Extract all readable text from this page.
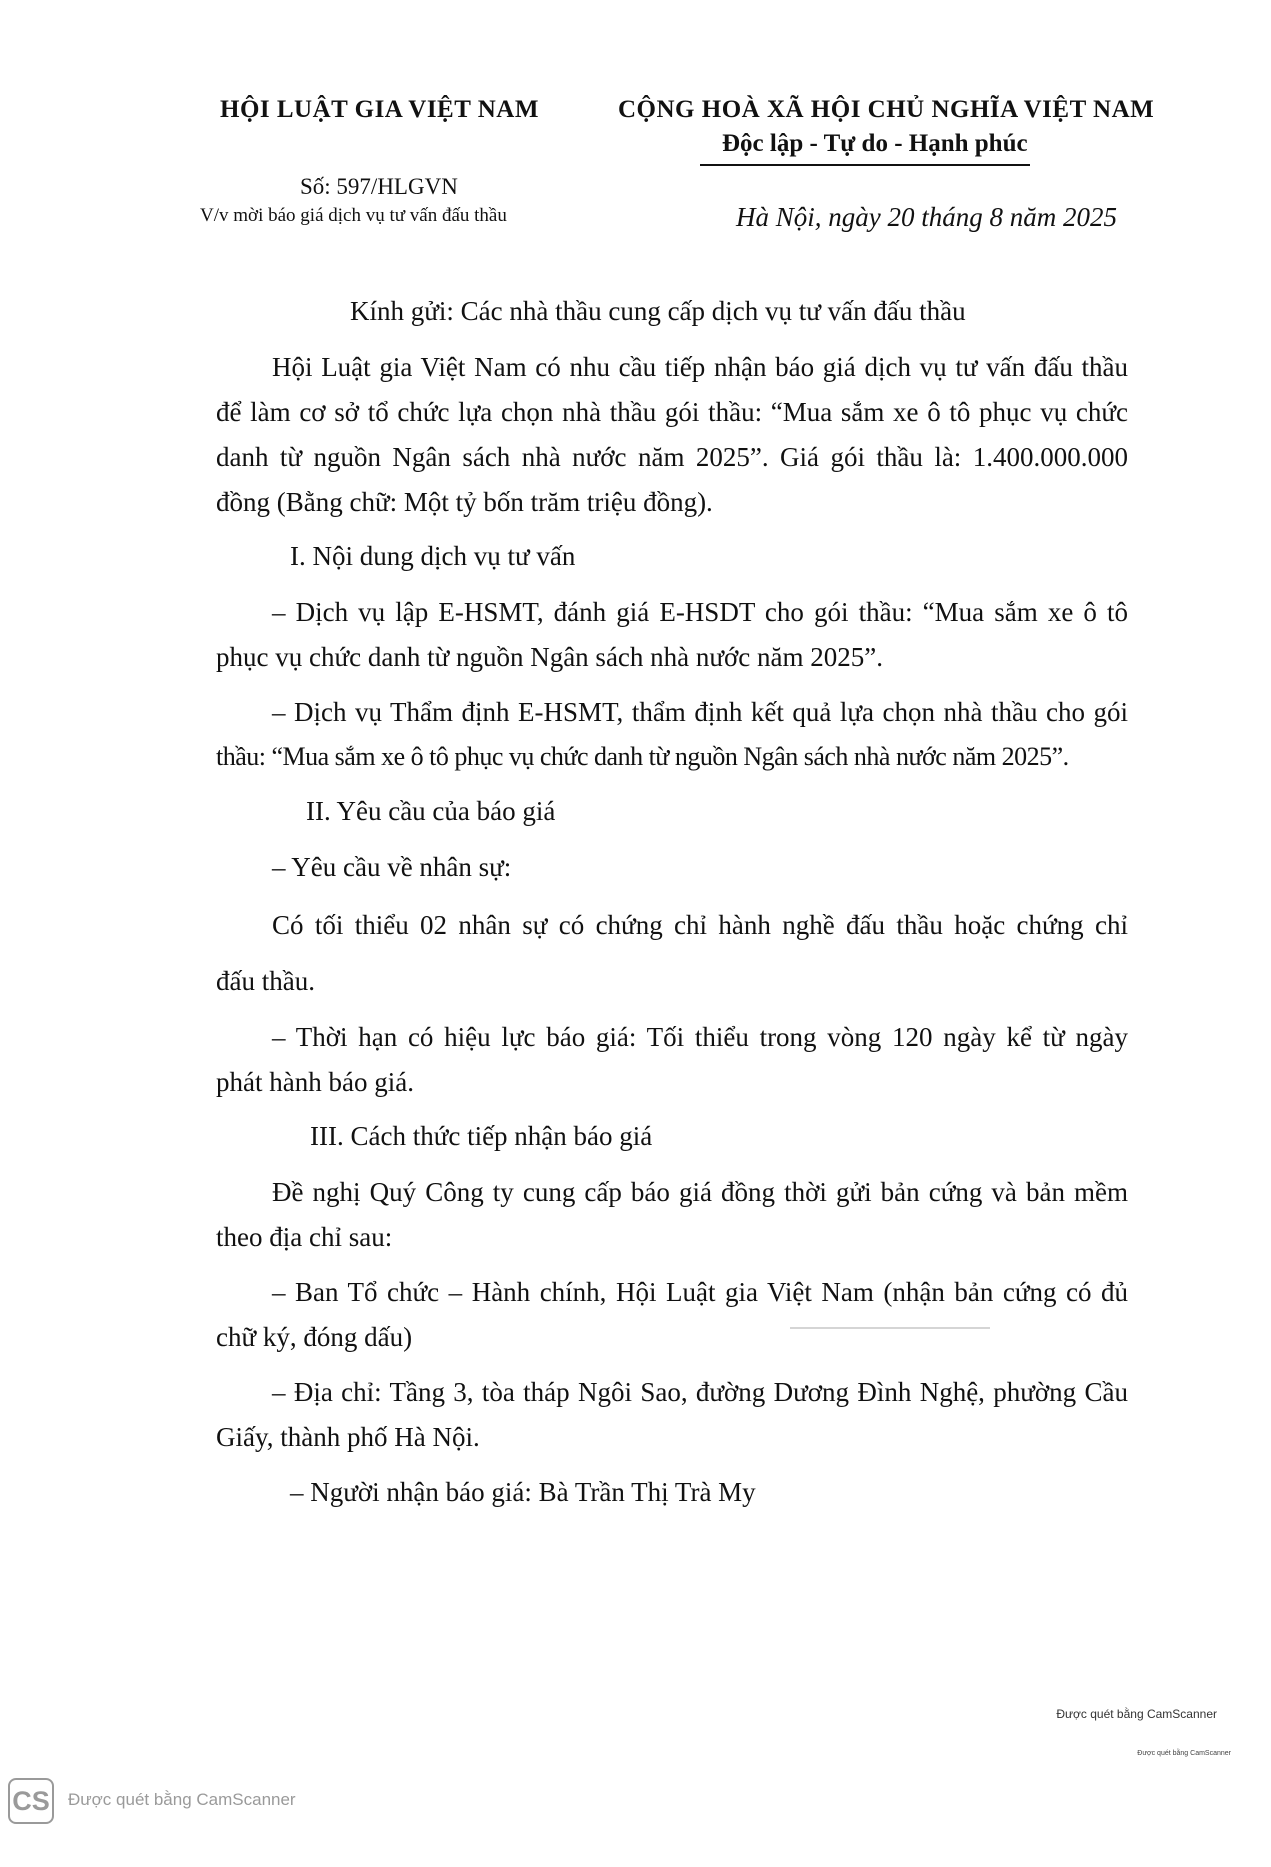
HỘI LUẬT GIA VIỆT NAM	CỘNG HOÀ XÃ HỘI CHỦ NGHĨA VIỆT NAM
Độc lập - Tự do - Hạnh phúc
Số: 597/HLGVN
V/v mời báo giá dịch vụ tư vấn đấu thầu	Hà Nội, ngày 20 tháng 8 năm 2025
Kính gửi: Các nhà thầu cung cấp dịch vụ tư vấn đấu thầu
Hội Luật gia Việt Nam có nhu cầu tiếp nhận báo giá dịch vụ tư vấn đấu thầu
để làm cơ sở tổ chức lựa chọn nhà thầu gói thầu: “Mua sắm xe ô tô phục vụ chức
danh từ nguồn Ngân sách nhà nước năm 2025”. Giá gói thầu là: 1.400.000.000
đồng (Bằng chữ: Một tỷ bốn trăm triệu đồng).
I. Nội dung dịch vụ tư vấn
– Dịch vụ lập E-HSMT, đánh giá E-HSDT cho gói thầu: “Mua sắm xe ô tô
phục vụ chức danh từ nguồn Ngân sách nhà nước năm 2025”.
– Dịch vụ Thẩm định E-HSMT, thẩm định kết quả lựa chọn nhà thầu cho gói
thầu: “Mua sắm xe ô tô phục vụ chức danh từ nguồn Ngân sách nhà nước năm 2025”.
II. Yêu cầu của báo giá
– Yêu cầu về nhân sự:
Có tối thiểu 02 nhân sự có chứng chỉ hành nghề đấu thầu hoặc chứng chỉ
đấu thầu.
– Thời hạn có hiệu lực báo giá: Tối thiểu trong vòng 120 ngày kể từ ngày
phát hành báo giá.
III. Cách thức tiếp nhận báo giá
Đề nghị Quý Công ty cung cấp báo giá đồng thời gửi bản cứng và bản mềm
theo địa chỉ sau:
– Ban Tổ chức – Hành chính, Hội Luật gia Việt Nam (nhận bản cứng có đủ
chữ ký, đóng dấu)
– Địa chỉ: Tầng 3, tòa tháp Ngôi Sao, đường Dương Đình Nghệ, phường Cầu
Giấy, thành phố Hà Nội.
– Người nhận báo giá: Bà Trần Thị Trà My
Được quét bằng CamScanner
Được quét bằng CamScanner
CS Được quét bằng CamScanner
